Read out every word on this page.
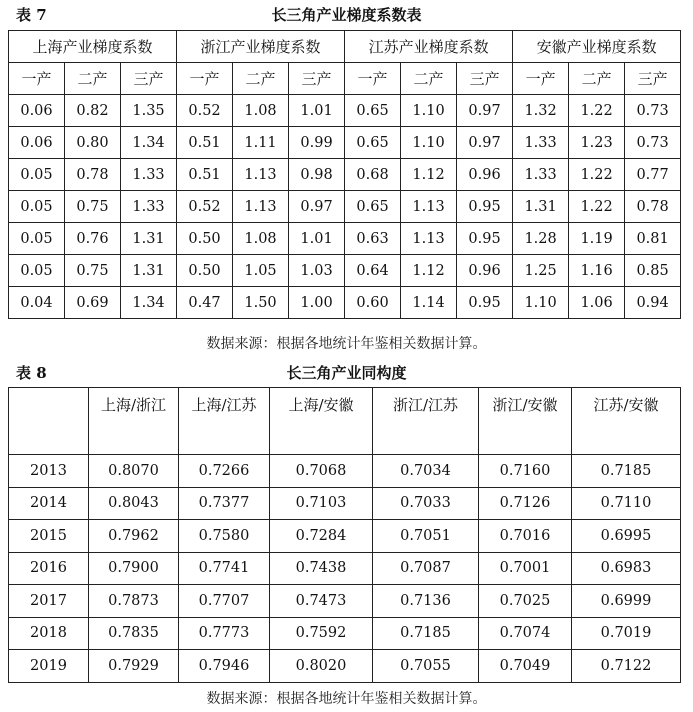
表 7	长三角产业梯度系数表
上海产业梯度系数			浙江产业梯度系数			江苏产业梯度系数			安徽产业梯度系数		
一产	二产	三产	一产	二产	三产	一产	二产	三产	一产	二产	三产
0.06	0.82	1.35	0.52	1.08	1.01	0.65	1.10	0.97	1.32	1.22	0.73
0.06	0.80	1.34	0.51	1.11	0.99	0.65	1.10	0.97	1.33	1.23	0.73
0.05	0.78	1.33	0.51	1.13	0.98	0.68	1.12	0.96	1.33	1.22	0.77
0.05	0.75	1.33	0.52	1.13	0.97	0.65	1.13	0.95	1.31	1.22	0.78
0.05	0.76	1.31	0.50	1.08	1.01	0.63	1.13	0.95	1.28	1.19	0.81
0.05	0.75	1.31	0.50	1.05	1.03	0.64	1.12	0.96	1.25	1.16	0.85
0.04	0.69	1.34	0.47	1.50	1.00	0.60	1.14	0.95	1.10	1.06	0.94
数据来源：根据各地统计年鉴相关数据计算。
表 8	长三角产业同构度

	上海/浙江	上海/江苏	上海/安徽	浙江/江苏	浙江/安徽	江苏/安徽

2013	0.8070	0.7266	0.7068	0.7034	0.7160	0.7185
2014	0.8043	0.7377	0.7103	0.7033	0.7126	0.7110
2015	0.7962	0.7580	0.7284	0.7051	0.7016	0.6995
2016	0.7900	0.7741	0.7438	0.7087	0.7001	0.6983
2017	0.7873	0.7707	0.7473	0.7136	0.7025	0.6999
2018	0.7835	0.7773	0.7592	0.7185	0.7074	0.7019
2019	0.7929	0.7946	0.8020	0.7055	0.7049	0.7122
数据来源：根据各地统计年鉴相关数据计算。
